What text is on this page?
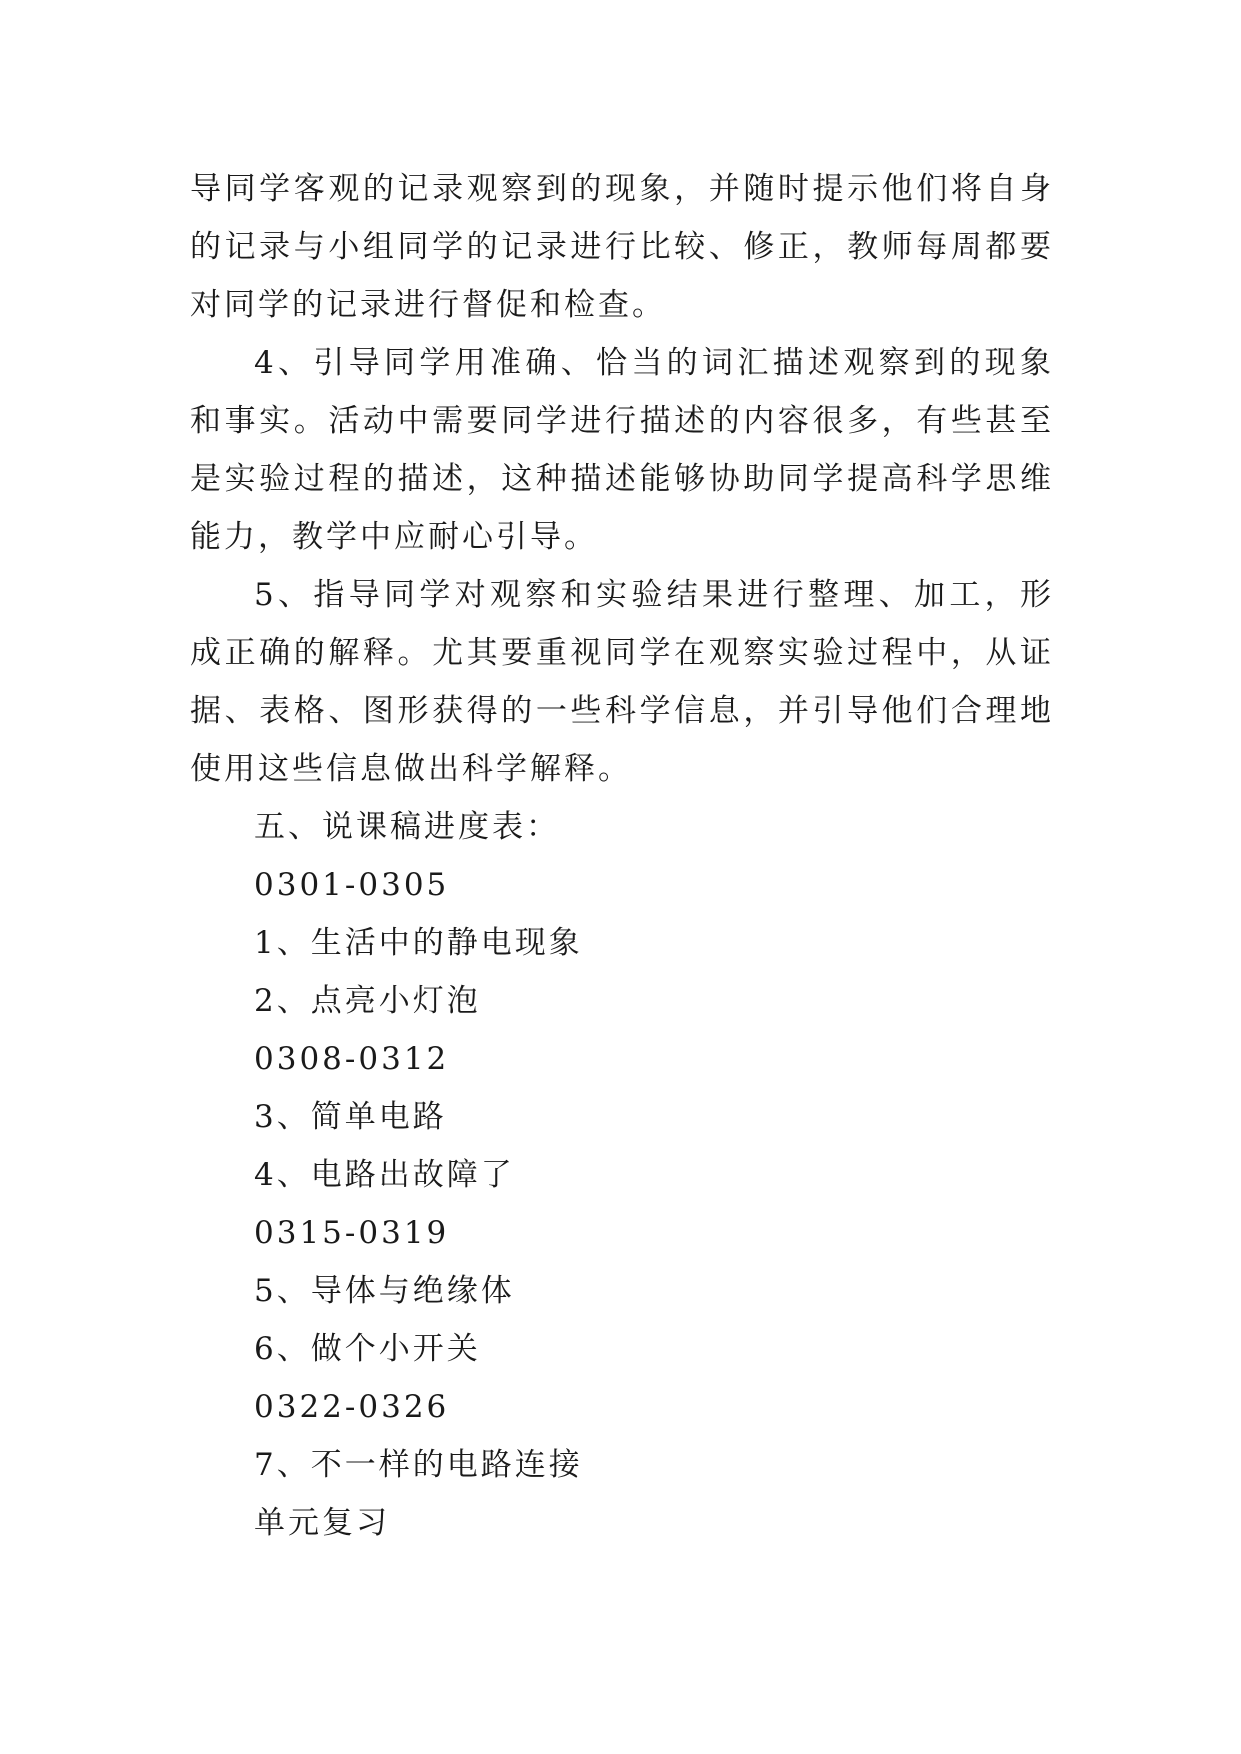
导同学客观的记录观察到的现象，并随时提示他们将自身的记录与小组同学的记录进行比较、修正，教师每周都要对同学的记录进行督促和检查。

4、引导同学用准确、恰当的词汇描述观察到的现象和事实。活动中需要同学进行描述的内容很多，有些甚至是实验过程的描述，这种描述能够协助同学提高科学思维能力，教学中应耐心引导。

5、指导同学对观察和实验结果进行整理、加工，形成正确的解释。尤其要重视同学在观察实验过程中，从证据、表格、图形获得的一些科学信息，并引导他们合理地使用这些信息做出科学解释。

五、说课稿进度表：

0301-0305

1、生活中的静电现象

2、点亮小灯泡

0308-0312

3、简单电路

4、电路出故障了

0315-0319

5、导体与绝缘体

6、做个小开关

0322-0326

7、不一样的电路连接

单元复习
